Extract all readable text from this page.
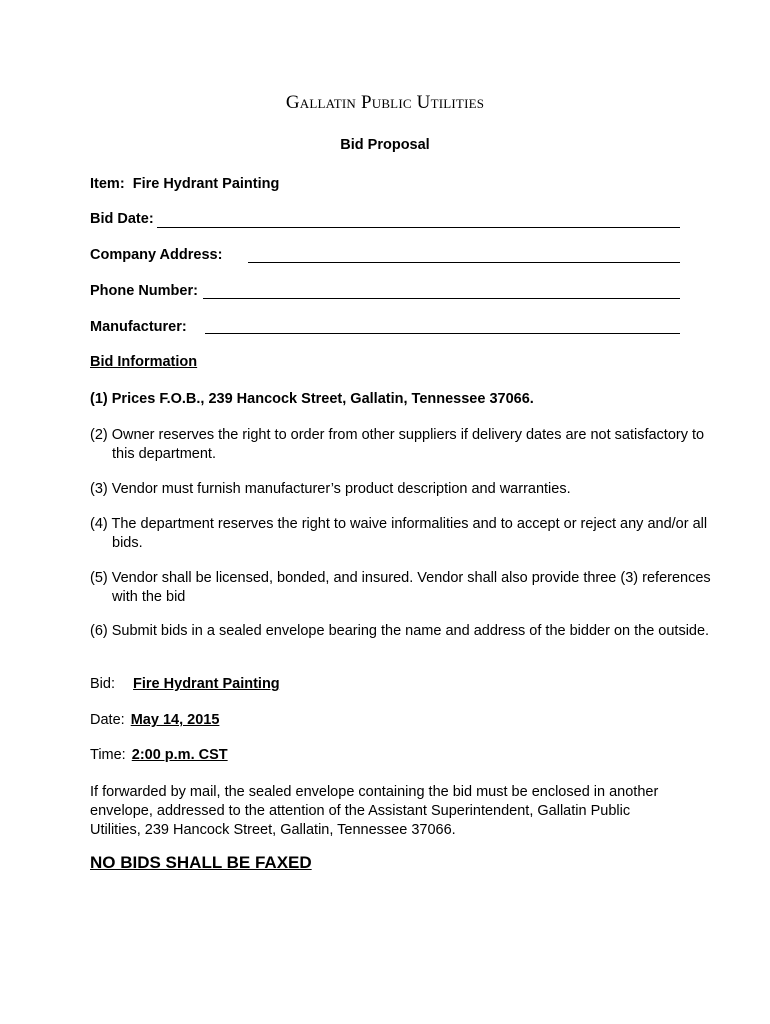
Gallatin Public Utilities
Bid Proposal
Item: Fire Hydrant Painting
Bid Date:
Company Address:
Phone Number:
Manufacturer:
Bid Information
(1) Prices F.O.B., 239 Hancock Street, Gallatin, Tennessee 37066.
(2) Owner reserves the right to order from other suppliers if delivery dates are not satisfactory to this department.
(3) Vendor must furnish manufacturer’s product description and warranties.
(4) The department reserves the right to waive informalities and to accept or reject any and/or all bids.
(5) Vendor shall be licensed, bonded, and insured. Vendor shall also provide three (3) references with the bid
(6) Submit bids in a sealed envelope bearing the name and address of the bidder on the outside.
Bid: Fire Hydrant Painting
Date: May 14, 2015
Time: 2:00 p.m. CST
If forwarded by mail, the sealed envelope containing the bid must be enclosed in another envelope, addressed to the attention of the Assistant Superintendent, Gallatin Public Utilities, 239 Hancock Street, Gallatin, Tennessee 37066.
NO BIDS SHALL BE FAXED
